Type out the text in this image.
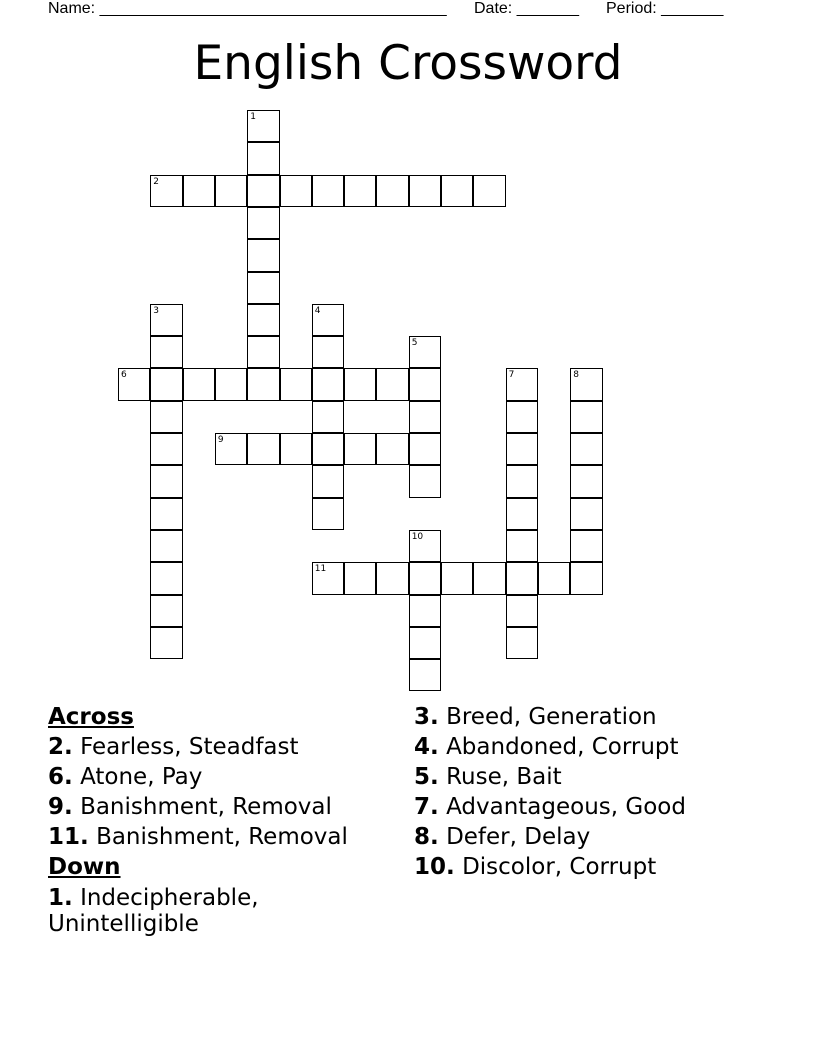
Name: _______________________________________ Date: _______ Period: _______
English Crossword
1
2
3	4
5
6	7	8
9
10
11
Across
2. Fearless, Steadfast
6. Atone, Pay
9. Banishment, Removal
11. Banishment, Removal
Down
1. Indecipherable, Unintelligible
3. Breed, Generation
4. Abandoned, Corrupt
5. Ruse, Bait
7. Advantageous, Good
8. Defer, Delay
10. Discolor, Corrupt
